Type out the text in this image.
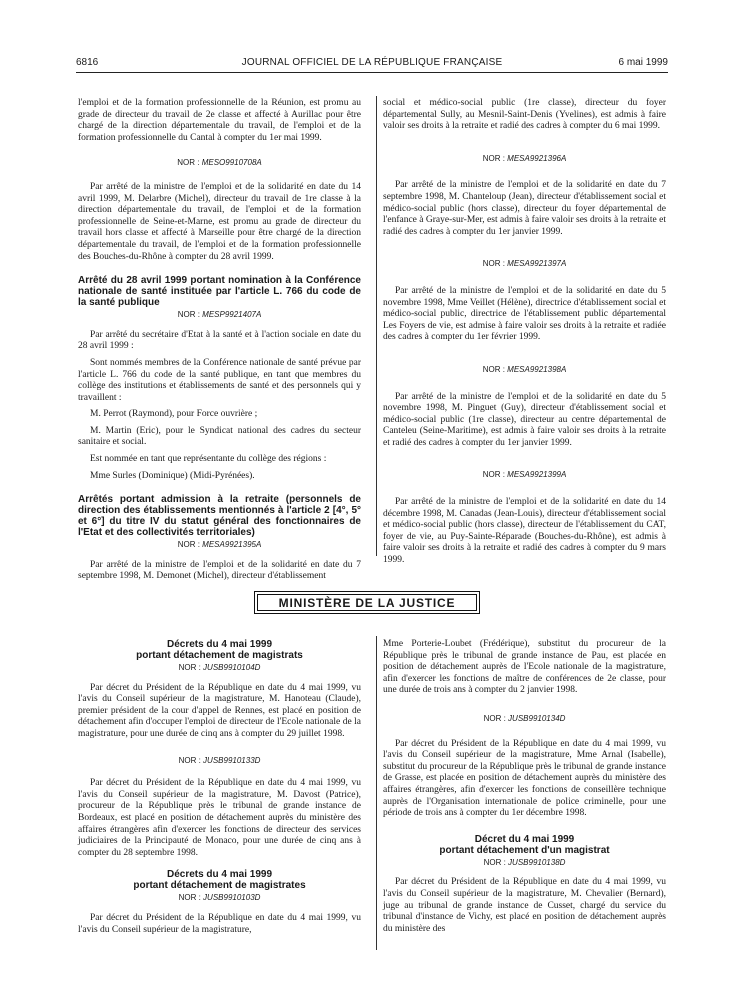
6816	JOURNAL OFFICIEL DE LA RÉPUBLIQUE FRANÇAISE	6 mai 1999

l'emploi et de la formation professionnelle de la Réunion, est promu au grade de directeur du travail de 2e classe et affecté à Aurillac pour être chargé de la direction départementale du travail, de l'emploi et de la formation professionnelle du Cantal à compter du 1er mai 1999.

NOR : MESO9910708A

Par arrêté de la ministre de l'emploi et de la solidarité en date du 14 avril 1999, M. Delarbre (Michel), directeur du travail de 1re classe à la direction départementale du travail, de l'emploi et de la formation professionnelle de Seine-et-Marne, est promu au grade de directeur du travail hors classe et affecté à Marseille pour être chargé de la direction départementale du travail, de l'emploi et de la formation professionnelle des Bouches-du-Rhône à compter du 28 avril 1999.

Arrêté du 28 avril 1999 portant nomination à la Conférence nationale de santé instituée par l'article L. 766 du code de la santé publique
NOR : MESP9921407A

Par arrêté du secrétaire d'Etat à la santé et à l'action sociale en date du 28 avril 1999 :

Sont nommés membres de la Conférence nationale de santé prévue par l'article L. 766 du code de la santé publique, en tant que membres du collège des institutions et établissements de santé et des personnels qui y travaillent :

M. Perrot (Raymond), pour Force ouvrière ;

M. Martin (Eric), pour le Syndicat national des cadres du secteur sanitaire et social.

Est nommée en tant que représentante du collège des régions :

Mme Surles (Dominique) (Midi-Pyrénées).

Arrêtés portant admission à la retraite (personnels de direction des établissements mentionnés à l'article 2 [4°, 5° et 6°] du titre IV du statut général des fonctionnaires de l'Etat et des collectivités territoriales)
NOR : MESA9921395A

Par arrêté de la ministre de l'emploi et de la solidarité en date du 7 septembre 1998, M. Demonet (Michel), directeur d'établissement

social et médico-social public (1re classe), directeur du foyer départemental Sully, au Mesnil-Saint-Denis (Yvelines), est admis à faire valoir ses droits à la retraite et radié des cadres à compter du 6 mai 1999.

NOR : MESA9921396A

Par arrêté de la ministre de l'emploi et de la solidarité en date du 7 septembre 1998, M. Chanteloup (Jean), directeur d'établissement social et médico-social public (hors classe), directeur du foyer départemental de l'enfance à Graye-sur-Mer, est admis à faire valoir ses droits à la retraite et radié des cadres à compter du 1er janvier 1999.

NOR : MESA9921397A

Par arrêté de la ministre de l'emploi et de la solidarité en date du 5 novembre 1998, Mme Veillet (Hélène), directrice d'établissement social et médico-social public, directrice de l'établissement public départemental Les Foyers de vie, est admise à faire valoir ses droits à la retraite et radiée des cadres à compter du 1er février 1999.

NOR : MESA9921398A

Par arrêté de la ministre de l'emploi et de la solidarité en date du 5 novembre 1998, M. Pinguet (Guy), directeur d'établissement social et médico-social public (1re classe), directeur au centre départemental de Canteleu (Seine-Maritime), est admis à faire valoir ses droits à la retraite et radié des cadres à compter du 1er janvier 1999.

NOR : MESA9921399A

Par arrêté de la ministre de l'emploi et de la solidarité en date du 14 décembre 1998, M. Canadas (Jean-Louis), directeur d'établissement social et médico-social public (hors classe), directeur de l'établissement du CAT, foyer de vie, au Puy-Sainte-Réparade (Bouches-du-Rhône), est admis à faire valoir ses droits à la retraite et radié des cadres à compter du 9 mars 1999.

MINISTÈRE DE LA JUSTICE
Décrets du 4 mai 1999
portant détachement de magistrats
NOR : JUSB9910104D

Par décret du Président de la République en date du 4 mai 1999, vu l'avis du Conseil supérieur de la magistrature, M. Hanoteau (Claude), premier président de la cour d'appel de Rennes, est placé en position de détachement afin d'occuper l'emploi de directeur de l'Ecole nationale de la magistrature, pour une durée de cinq ans à compter du 29 juillet 1998.

NOR : JUSB9910133D

Par décret du Président de la République en date du 4 mai 1999, vu l'avis du Conseil supérieur de la magistrature, M. Davost (Patrice), procureur de la République près le tribunal de grande instance de Bordeaux, est placé en position de détachement auprès du ministère des affaires étrangères afin d'exercer les fonctions de directeur des services judiciaires de la Principauté de Monaco, pour une durée de cinq ans à compter du 28 septembre 1998.

Décrets du 4 mai 1999
portant détachement de magistrates
NOR : JUSB9910103D

Par décret du Président de la République en date du 4 mai 1999, vu l'avis du Conseil supérieur de la magistrature,

Mme Porterie-Loubet (Frédérique), substitut du procureur de la République près le tribunal de grande instance de Pau, est placée en position de détachement auprès de l'Ecole nationale de la magistrature, afin d'exercer les fonctions de maître de conférences de 2e classe, pour une durée de trois ans à compter du 2 janvier 1998.

NOR : JUSB9910134D

Par décret du Président de la République en date du 4 mai 1999, vu l'avis du Conseil supérieur de la magistrature, Mme Arnal (Isabelle), substitut du procureur de la République près le tribunal de grande instance de Grasse, est placée en position de détachement auprès du ministère des affaires étrangères, afin d'exercer les fonctions de conseillère technique auprès de l'Organisation internationale de police criminelle, pour une période de trois ans à compter du 1er décembre 1998.

Décret du 4 mai 1999
portant détachement d'un magistrat
NOR : JUSB9910138D

Par décret du Président de la République en date du 4 mai 1999, vu l'avis du Conseil supérieur de la magistrature, M. Chevalier (Bernard), juge au tribunal de grande instance de Cusset, chargé du service du tribunal d'instance de Vichy, est placé en position de détachement auprès du ministère des
